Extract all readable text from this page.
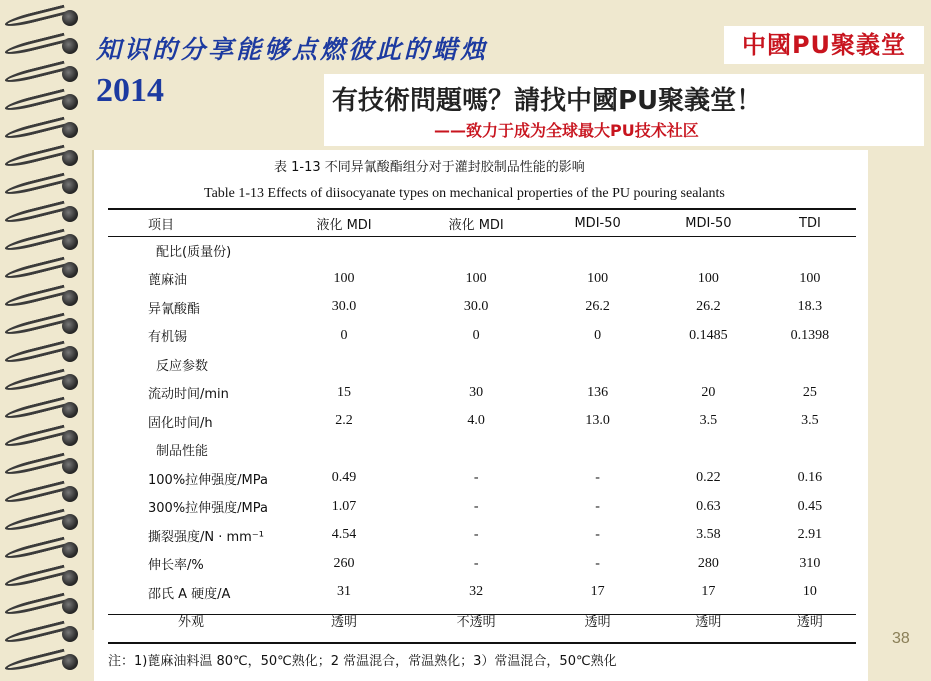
知识的分享能够点燃彼此的蜡烛
2014
中國PU聚義堂
有技術問題嗎？請找中國PU聚義堂！
——致力于成为全球最大PU技术社区
表 1-13 不同异氰酸酯组分对于灌封胶制品性能的影响
Table 1-13 Effects of diisocyanate types on mechanical properties of the PU pouring sealants
项目	液化 MDI	液化 MDI	MDI-50	MDI-50	TDI
配比(质量份)					
蓖麻油	100	100	100	100	100
异氰酸酯	30.0	30.0	26.2	26.2	18.3
有机锡	0	0	0	0.1485	0.1398
反应参数					
流动时间/min	15	30	136	20	25
固化时间/h	2.2	4.0	13.0	3.5	3.5
制品性能					
100%拉伸强度/MPa	0.49	-	-	0.22	0.16
300%拉伸强度/MPa	1.07	-	-	0.63	0.45
撕裂强度/N · mm⁻¹	4.54	-	-	3.58	2.91
伸长率/%	260	-	-	280	310
邵氏 A 硬度/A	31	32	17	17	10
外观	透明	不透明	透明	透明	透明
注：1)蓖麻油料温 80℃，50℃熟化；2 常温混合，常温熟化；3）常温混合，50℃熟化
38
